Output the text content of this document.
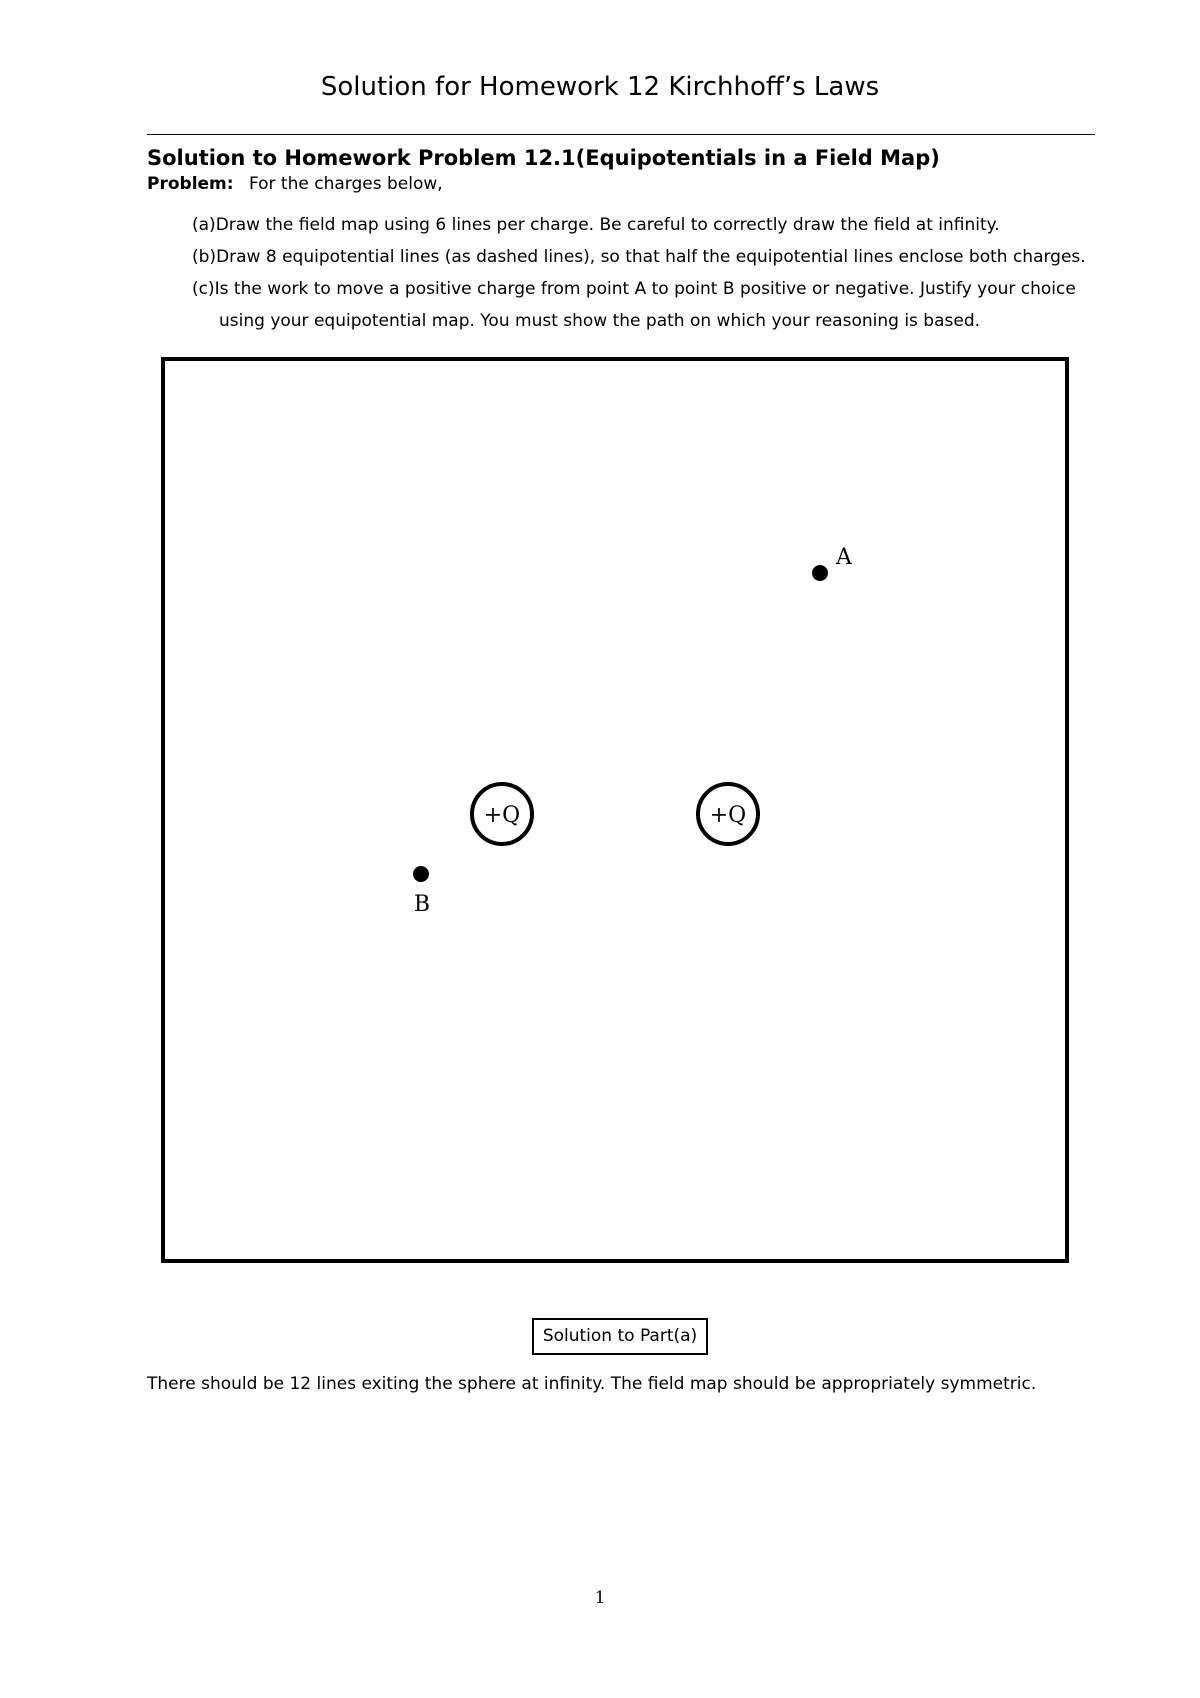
Solution for Homework 12 Kirchhoff’s Laws
Solution to Homework Problem 12.1(Equipotentials in a Field Map)
Problem: For the charges below,
(a)Draw the field map using 6 lines per charge. Be careful to correctly draw the field at infinity.
(b)Draw 8 equipotential lines (as dashed lines), so that half the equipotential lines enclose both charges.
(c)Is the work to move a positive charge from point A to point B positive or negative. Justify your choice
using your equipotential map. You must show the path on which your reasoning is based.
+Q	+Q
A
B
Solution to Part(a)
There should be 12 lines exiting the sphere at infinity. The field map should be appropriately symmetric.
1
